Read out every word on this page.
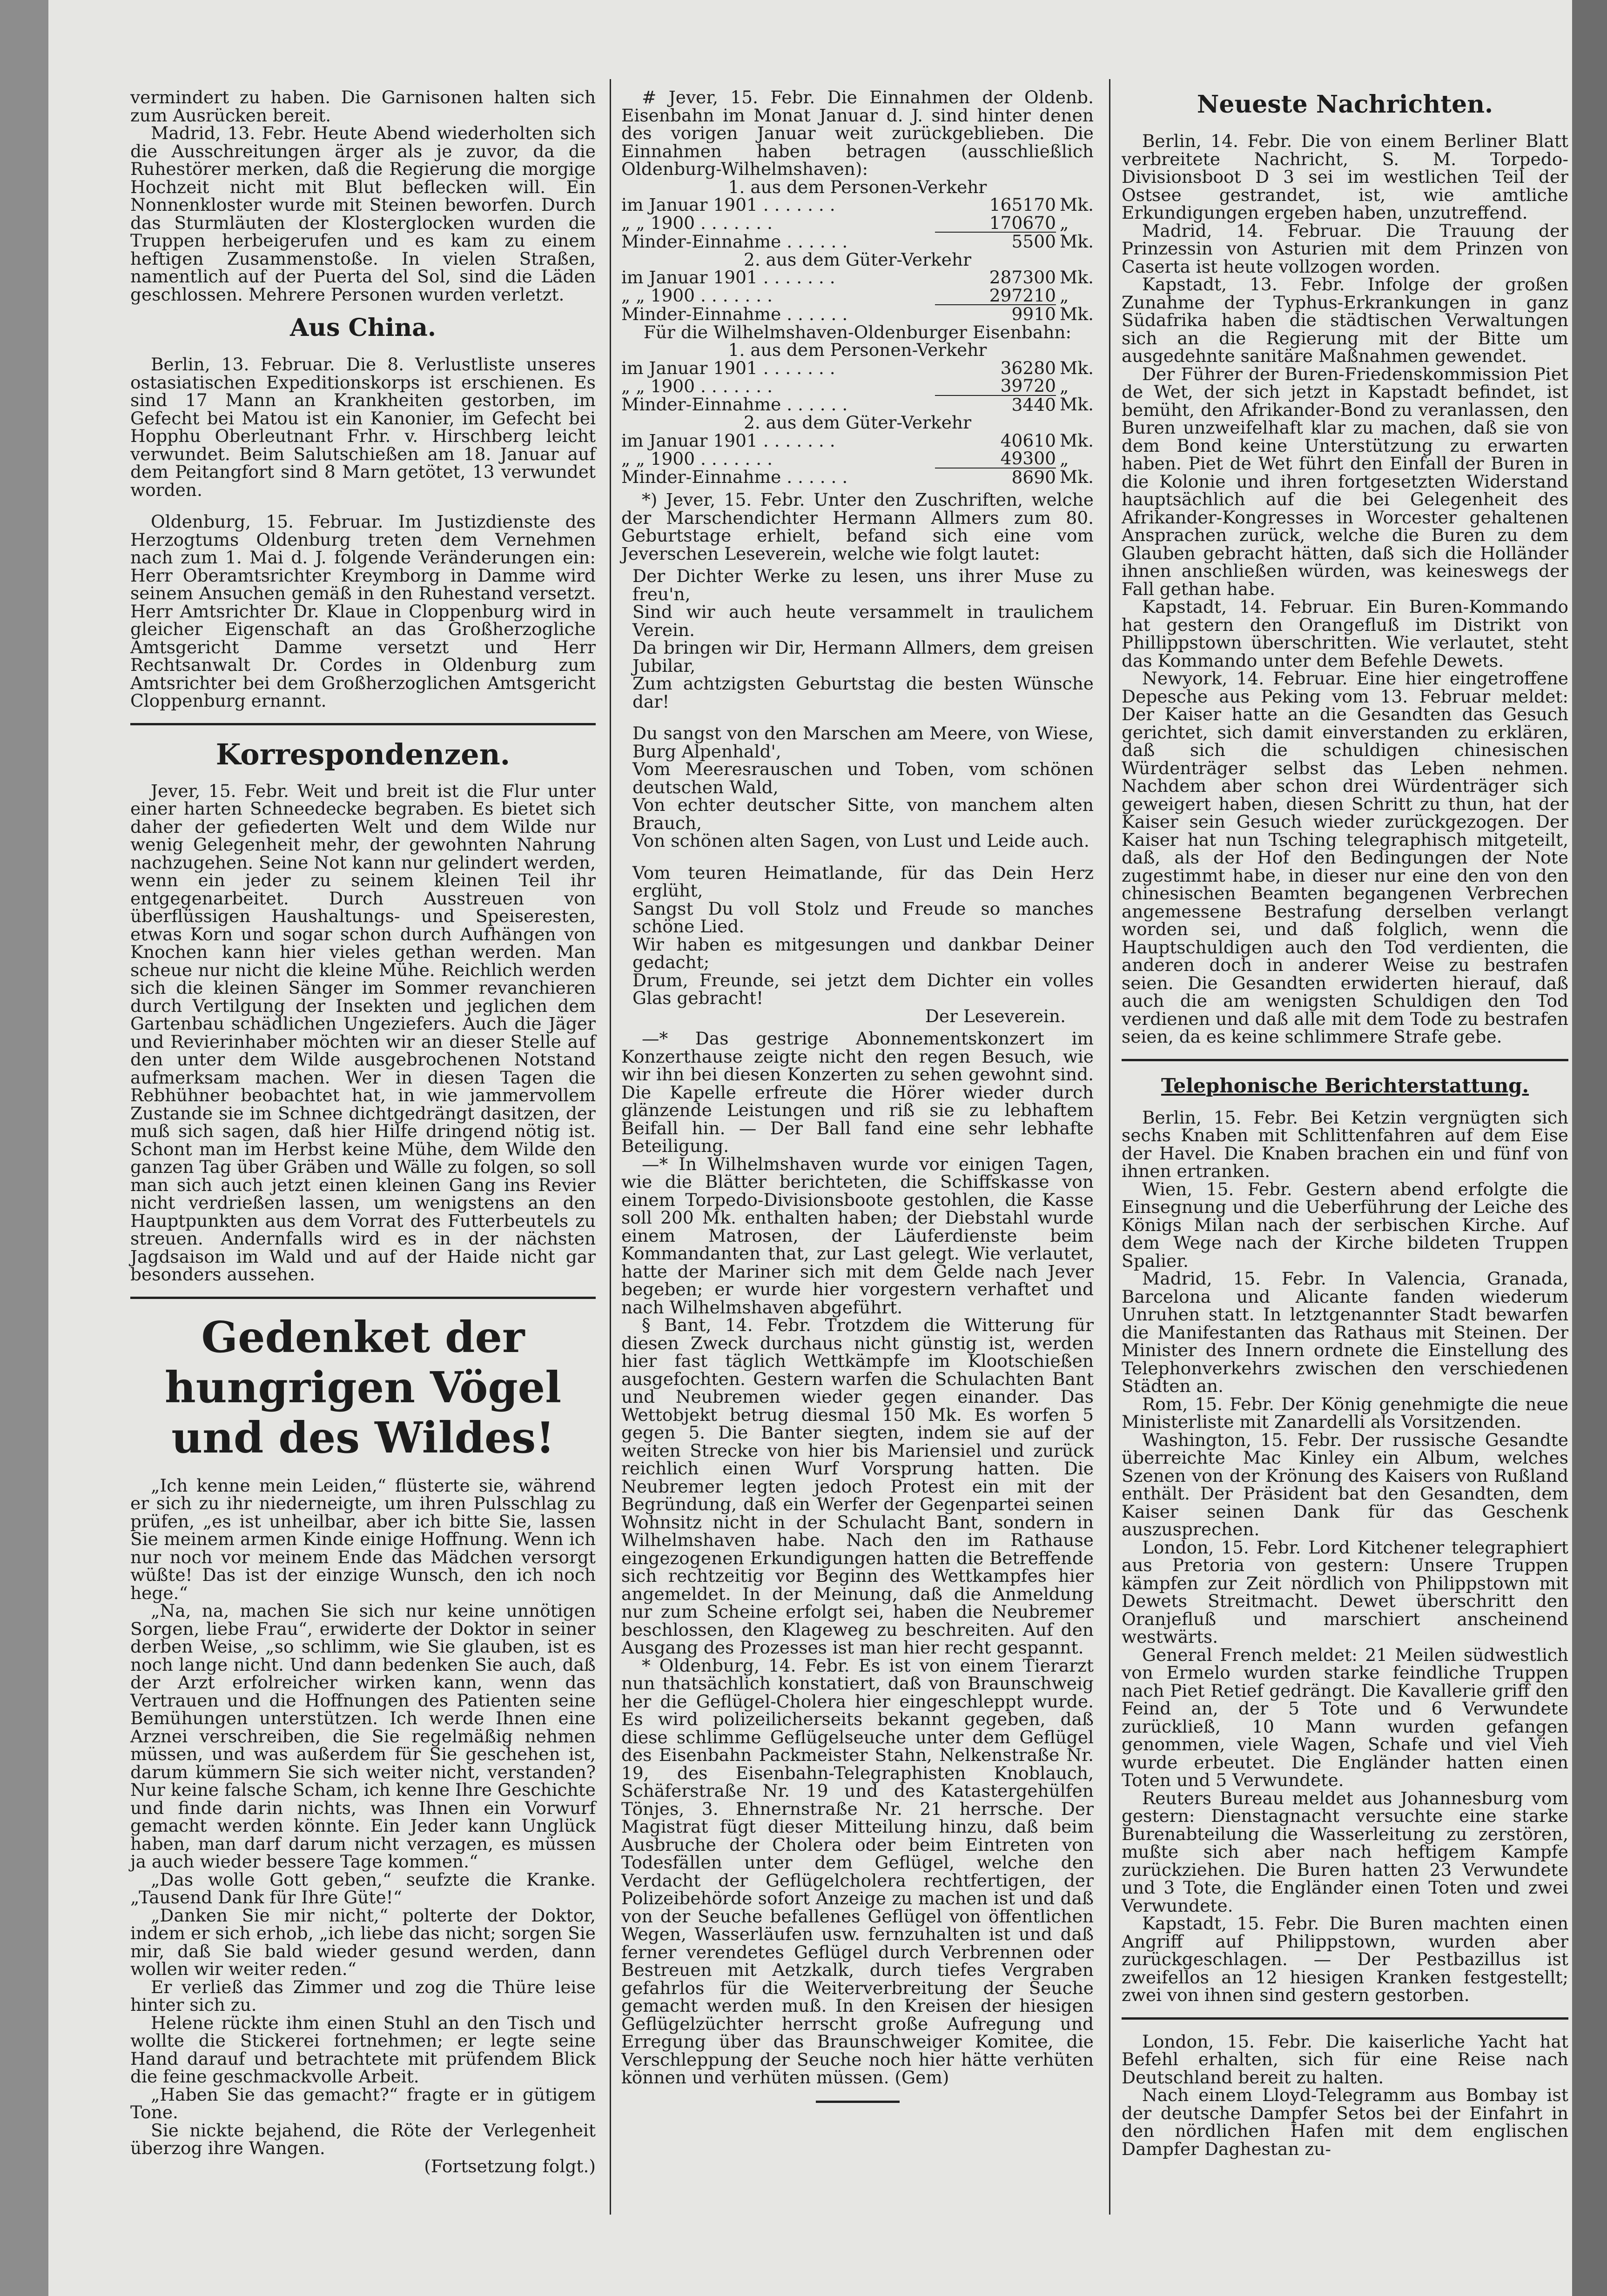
vermindert zu haben. Die Garnisonen halten sich zum Ausrücken bereit.

Madrid, 13. Febr. Heute Abend wiederholten sich die Ausschreitungen ärger als je zuvor, da die Ruhestörer merken, daß die Regierung die morgige Hochzeit nicht mit Blut beflecken will. Ein Nonnenkloster wurde mit Steinen beworfen. Durch das Sturmläuten der Klosterglocken wurden die Truppen herbeigerufen und es kam zu einem heftigen Zusammenstoße. In vielen Straßen, namentlich auf der Puerta del Sol, sind die Läden geschlossen. Mehrere Personen wurden verletzt.

Aus China.

Berlin, 13. Februar. Die 8. Verlustliste unseres ostasiatischen Expeditionskorps ist erschienen. Es sind 17 Mann an Krankheiten gestorben, im Gefecht bei Matou ist ein Kanonier, im Gefecht bei Hopphu Oberleutnant Frhr. v. Hirschberg leicht verwundet. Beim Salutschießen am 18. Januar auf dem Peitangfort sind 8 Marn getötet, 13 verwundet worden.

Oldenburg, 15. Februar. Im Justizdienste des Herzogtums Oldenburg treten dem Vernehmen nach zum 1. Mai d. J. folgende Veränderungen ein: Herr Oberamtsrichter Kreymborg in Damme wird seinem Ansuchen gemäß in den Ruhestand versetzt. Herr Amtsrichter Dr. Klaue in Cloppenburg wird in gleicher Eigenschaft an das Großherzogliche Amtsgericht Damme versetzt und Herr Rechtsanwalt Dr. Cordes in Oldenburg zum Amtsrichter bei dem Großherzoglichen Amtsgericht Cloppenburg ernannt.

Korrespondenzen.

Jever, 15. Febr. Weit und breit ist die Flur unter einer harten Schneedecke begraben. Es bietet sich daher der gefiederten Welt und dem Wilde nur wenig Gelegenheit mehr, der gewohnten Nahrung nachzugehen. Seine Not kann nur gelindert werden, wenn ein jeder zu seinem kleinen Teil ihr entgegenarbeitet. Durch Ausstreuen von überflüssigen Haushaltungs- und Speiseresten, etwas Korn und sogar schon durch Aufhängen von Knochen kann hier vieles gethan werden. Man scheue nur nicht die kleine Mühe. Reichlich werden sich die kleinen Sänger im Sommer revanchieren durch Vertilgung der Insekten und jeglichen dem Gartenbau schädlichen Ungeziefers. Auch die Jäger und Revierinhaber möchten wir an dieser Stelle auf den unter dem Wilde ausgebrochenen Notstand aufmerksam machen. Wer in diesen Tagen die Rebhühner beobachtet hat, in wie jammervollem Zustande sie im Schnee dichtgedrängt dasitzen, der muß sich sagen, daß hier Hilfe dringend nötig ist. Schont man im Herbst keine Mühe, dem Wilde den ganzen Tag über Gräben und Wälle zu folgen, so soll man sich auch jetzt einen kleinen Gang ins Revier nicht verdrießen lassen, um wenigstens an den Hauptpunkten aus dem Vorrat des Futterbeutels zu streuen. Andernfalls wird es in der nächsten Jagdsaison im Wald und auf der Haide nicht gar besonders aussehen.

Gedenket der hungrigen Vögel und des Wildes!

„Ich kenne mein Leiden,“ flüsterte sie, während er sich zu ihr niederneigte, um ihren Pulsschlag zu prüfen, „es ist unheilbar, aber ich bitte Sie, lassen Sie meinem armen Kinde einige Hoffnung. Wenn ich nur noch vor meinem Ende das Mädchen versorgt wüßte! Das ist der einzige Wunsch, den ich noch hege.“

„Na, na, machen Sie sich nur keine unnötigen Sorgen, liebe Frau“, erwiderte der Doktor in seiner derben Weise, „so schlimm, wie Sie glauben, ist es noch lange nicht. Und dann bedenken Sie auch, daß der Arzt erfolreicher wirken kann, wenn das Vertrauen und die Hoffnungen des Patienten seine Bemühungen unterstützen. Ich werde Ihnen eine Arznei verschreiben, die Sie regelmäßig nehmen müssen, und was außerdem für Sie geschehen ist, darum kümmern Sie sich weiter nicht, verstanden? Nur keine falsche Scham, ich kenne Ihre Geschichte und finde darin nichts, was Ihnen ein Vorwurf gemacht werden könnte. Ein Jeder kann Unglück haben, man darf darum nicht verzagen, es müssen ja auch wieder bessere Tage kommen.“

„Das wolle Gott geben,“ seufzte die Kranke. „Tausend Dank für Ihre Güte!“

„Danken Sie mir nicht,“ polterte der Doktor, indem er sich erhob, „ich liebe das nicht; sorgen Sie mir, daß Sie bald wieder gesund werden, dann wollen wir weiter reden.“

Er verließ das Zimmer und zog die Thüre leise hinter sich zu.

Helene rückte ihm einen Stuhl an den Tisch und wollte die Stickerei fortnehmen; er legte seine Hand darauf und betrachtete mit prüfendem Blick die feine geschmackvolle Arbeit.

„Haben Sie das gemacht?“ fragte er in gütigem Tone.

Sie nickte bejahend, die Röte der Verlegenheit überzog ihre Wangen.

(Fortsetzung folgt.)

# Jever, 15. Febr. Die Einnahmen der Oldenb. Eisenbahn im Monat Januar d. J. sind hinter denen des vorigen Januar weit zurückgeblieben. Die Einnahmen haben betragen (ausschließlich Oldenburg-Wilhelmshaven):

1. aus dem Personen-Verkehr
im Januar 1901 . . . . . . .	165170	Mk.
„ „ 1900 . . . . . . .	170670	„
Minder-Einnahme . . . . . .	5500	Mk.
2. aus dem Güter-Verkehr
im Januar 1901 . . . . . . .	287300	Mk.
„ „ 1900 . . . . . . .	297210	„
Minder-Einnahme . . . . . .	9910	Mk.
Für die Wilhelmshaven-Oldenburger Eisenbahn:
1. aus dem Personen-Verkehr
im Januar 1901 . . . . . . .	36280	Mk.
„ „ 1900 . . . . . . .	39720	„
Minder-Einnahme . . . . . .	3440	Mk.
2. aus dem Güter-Verkehr
im Januar 1901 . . . . . . .	40610	Mk.
„ „ 1900 . . . . . . .	49300	„
Minder-Einnahme . . . . . .	8690	Mk.

*) Jever, 15. Febr. Unter den Zuschriften, welche der Marschendichter Hermann Allmers zum 80. Geburtstage erhielt, befand sich eine vom Jeverschen Leseverein, welche wie folgt lautet:

Der Dichter Werke zu lesen, uns ihrer Muse zu freu'n,

Sind wir auch heute versammelt in traulichem Verein.

Da bringen wir Dir, Hermann Allmers, dem greisen Jubilar,

Zum achtzigsten Geburtstag die besten Wünsche dar!

Du sangst von den Marschen am Meere, von Wiese, Burg Alpenhald',

Vom Meeresrauschen und Toben, vom schönen deutschen Wald,

Von echter deutscher Sitte, von manchem alten Brauch,

Von schönen alten Sagen, von Lust und Leide auch.

Vom teuren Heimatlande, für das Dein Herz erglüht,

Sangst Du voll Stolz und Freude so manches schöne Lied.

Wir haben es mitgesungen und dankbar Deiner gedacht;

Drum, Freunde, sei jetzt dem Dichter ein volles Glas gebracht!

Der Leseverein.

—* Das gestrige Abonnementskonzert im Konzerthause zeigte nicht den regen Besuch, wie wir ihn bei diesen Konzerten zu sehen gewohnt sind. Die Kapelle erfreute die Hörer wieder durch glänzende Leistungen und riß sie zu lebhaftem Beifall hin. — Der Ball fand eine sehr lebhafte Beteiligung.

—* In Wilhelmshaven wurde vor einigen Tagen, wie die Blätter berichteten, die Schiffskasse von einem Torpedo-Divisionsboote gestohlen, die Kasse soll 200 Mk. enthalten haben; der Diebstahl wurde einem Matrosen, der Läuferdienste beim Kommandanten that, zur Last gelegt. Wie verlautet, hatte der Mariner sich mit dem Gelde nach Jever begeben; er wurde hier vorgestern verhaftet und nach Wilhelmshaven abgeführt.

§ Bant, 14. Febr. Trotzdem die Witterung für diesen Zweck durchaus nicht günstig ist, werden hier fast täglich Wettkämpfe im Klootschießen ausgefochten. Gestern warfen die Schulachten Bant und Neubremen wieder gegen einander. Das Wettobjekt betrug diesmal 150 Mk. Es worfen 5 gegen 5. Die Banter siegten, indem sie auf der weiten Strecke von hier bis Mariensiel und zurück reichlich einen Wurf Vorsprung hatten. Die Neubremer legten jedoch Protest ein mit der Begründung, daß ein Werfer der Gegenpartei seinen Wohnsitz nicht in der Schulacht Bant, sondern in Wilhelmshaven habe. Nach den im Rathause eingezogenen Erkundigungen hatten die Betreffende sich rechtzeitig vor Beginn des Wettkampfes hier angemeldet. In der Meinung, daß die Anmeldung nur zum Scheine erfolgt sei, haben die Neubremer beschlossen, den Klageweg zu beschreiten. Auf den Ausgang des Prozesses ist man hier recht gespannt.

* Oldenburg, 14. Febr. Es ist von einem Tierarzt nun thatsächlich konstatiert, daß von Braunschweig her die Geflügel-Cholera hier eingeschleppt wurde. Es wird polizeilicherseits bekannt gegeben, daß diese schlimme Geflügelseuche unter dem Geflügel des Eisenbahn Packmeister Stahn, Nelkenstraße Nr. 19, des Eisenbahn-Telegraphisten Knoblauch, Schäferstraße Nr. 19 und des Katastergehülfen Tönjes, 3. Ehnernstraße Nr. 21 herrsche. Der Magistrat fügt dieser Mitteilung hinzu, daß beim Ausbruche der Cholera oder beim Eintreten von Todesfällen unter dem Geflügel, welche den Verdacht der Geflügelcholera rechtfertigen, der Polizeibehörde sofort Anzeige zu machen ist und daß von der Seuche befallenes Geflügel von öffentlichen Wegen, Wasserläufen usw. fernzuhalten ist und daß ferner verendetes Geflügel durch Verbrennen oder Bestreuen mit Aetzkalk, durch tiefes Vergraben gefahrlos für die Weiterverbreitung der Seuche gemacht werden muß. In den Kreisen der hiesigen Geflügelzüchter herrscht große Aufregung und Erregung über das Braunschweiger Komitee, die Verschleppung der Seuche noch hier hätte verhüten können und verhüten müssen. (Gem)

Neueste Nachrichten.

Berlin, 14. Febr. Die von einem Berliner Blatt verbreitete Nachricht, S. M. Torpedo-Divisionsboot D 3 sei im westlichen Teil der Ostsee gestrandet, ist, wie amtliche Erkundigungen ergeben haben, unzutreffend.

Madrid, 14. Februar. Die Trauung der Prinzessin von Asturien mit dem Prinzen von Caserta ist heute vollzogen worden.

Kapstadt, 13. Febr. Infolge der großen Zunahme der Typhus-Erkrankungen in ganz Südafrika haben die städtischen Verwaltungen sich an die Regierung mit der Bitte um ausgedehnte sanitäre Maßnahmen gewendet.

Der Führer der Buren-Friedenskommission Piet de Wet, der sich jetzt in Kapstadt befindet, ist bemüht, den Afrikander-Bond zu veranlassen, den Buren unzweifelhaft klar zu machen, daß sie von dem Bond keine Unterstützung zu erwarten haben. Piet de Wet führt den Einfall der Buren in die Kolonie und ihren fortgesetzten Widerstand hauptsächlich auf die bei Gelegenheit des Afrikander-Kongresses in Worcester gehaltenen Ansprachen zurück, welche die Buren zu dem Glauben gebracht hätten, daß sich die Holländer ihnen anschließen würden, was keineswegs der Fall gethan habe.

Kapstadt, 14. Februar. Ein Buren-Kommando hat gestern den Orangefluß im Distrikt von Phillippstown überschritten. Wie verlautet, steht das Kommando unter dem Befehle Dewets.

Newyork, 14. Februar. Eine hier eingetroffene Depesche aus Peking vom 13. Februar meldet: Der Kaiser hatte an die Gesandten das Gesuch gerichtet, sich damit einverstanden zu erklären, daß sich die schuldigen chinesischen Würdenträger selbst das Leben nehmen. Nachdem aber schon drei Würdenträger sich geweigert haben, diesen Schritt zu thun, hat der Kaiser sein Gesuch wieder zurückgezogen. Der Kaiser hat nun Tsching telegraphisch mitgeteilt, daß, als der Hof den Bedingungen der Note zugestimmt habe, in dieser nur eine den von den chinesischen Beamten begangenen Verbrechen angemessene Bestrafung derselben verlangt worden sei, und daß folglich, wenn die Hauptschuldigen auch den Tod verdienten, die anderen doch in anderer Weise zu bestrafen seien. Die Gesandten erwiderten hierauf, daß auch die am wenigsten Schuldigen den Tod verdienen und daß alle mit dem Tode zu bestrafen seien, da es keine schlimmere Strafe gebe.

Telephonische Berichterstattung.

Berlin, 15. Febr. Bei Ketzin vergnügten sich sechs Knaben mit Schlittenfahren auf dem Eise der Havel. Die Knaben brachen ein und fünf von ihnen ertranken.

Wien, 15. Febr. Gestern abend erfolgte die Einsegnung und die Ueberführung der Leiche des Königs Milan nach der serbischen Kirche. Auf dem Wege nach der Kirche bildeten Truppen Spalier.

Madrid, 15. Febr. In Valencia, Granada, Barcelona und Alicante fanden wiederum Unruhen statt. In letztgenannter Stadt bewarfen die Manifestanten das Rathaus mit Steinen. Der Minister des Innern ordnete die Einstellung des Telephonverkehrs zwischen den verschiedenen Städten an.

Rom, 15. Febr. Der König genehmigte die neue Ministerliste mit Zanardelli als Vorsitzenden.

Washington, 15. Febr. Der russische Gesandte überreichte Mac Kinley ein Album, welches Szenen von der Krönung des Kaisers von Rußland enthält. Der Präsident bat den Gesandten, dem Kaiser seinen Dank für das Geschenk auszusprechen.

London, 15. Febr. Lord Kitchener telegraphiert aus Pretoria von gestern: Unsere Truppen kämpfen zur Zeit nördlich von Philippstown mit Dewets Streitmacht. Dewet überschritt den Oranjefluß und marschiert anscheinend westwärts.

General French meldet: 21 Meilen südwestlich von Ermelo wurden starke feindliche Truppen nach Piet Retief gedrängt. Die Kavallerie griff den Feind an, der 5 Tote und 6 Verwundete zurückließ, 10 Mann wurden gefangen genommen, viele Wagen, Schafe und viel Vieh wurde erbeutet. Die Engländer hatten einen Toten und 5 Verwundete.

Reuters Bureau meldet aus Johannesburg vom gestern: Dienstagnacht versuchte eine starke Burenabteilung die Wasserleitung zu zerstören, mußte sich aber nach heftigem Kampfe zurückziehen. Die Buren hatten 23 Verwundete und 3 Tote, die Engländer einen Toten und zwei Verwundete.

Kapstadt, 15. Febr. Die Buren machten einen Angriff auf Philippstown, wurden aber zurückgeschlagen. — Der Pestbazillus ist zweifellos an 12 hiesigen Kranken festgestellt; zwei von ihnen sind gestern gestorben.

London, 15. Febr. Die kaiserliche Yacht hat Befehl erhalten, sich für eine Reise nach Deutschland bereit zu halten.

Nach einem Lloyd-Telegramm aus Bombay ist der deutsche Dampfer Setos bei der Einfahrt in den nördlichen Hafen mit dem englischen Dampfer Daghestan zu-
